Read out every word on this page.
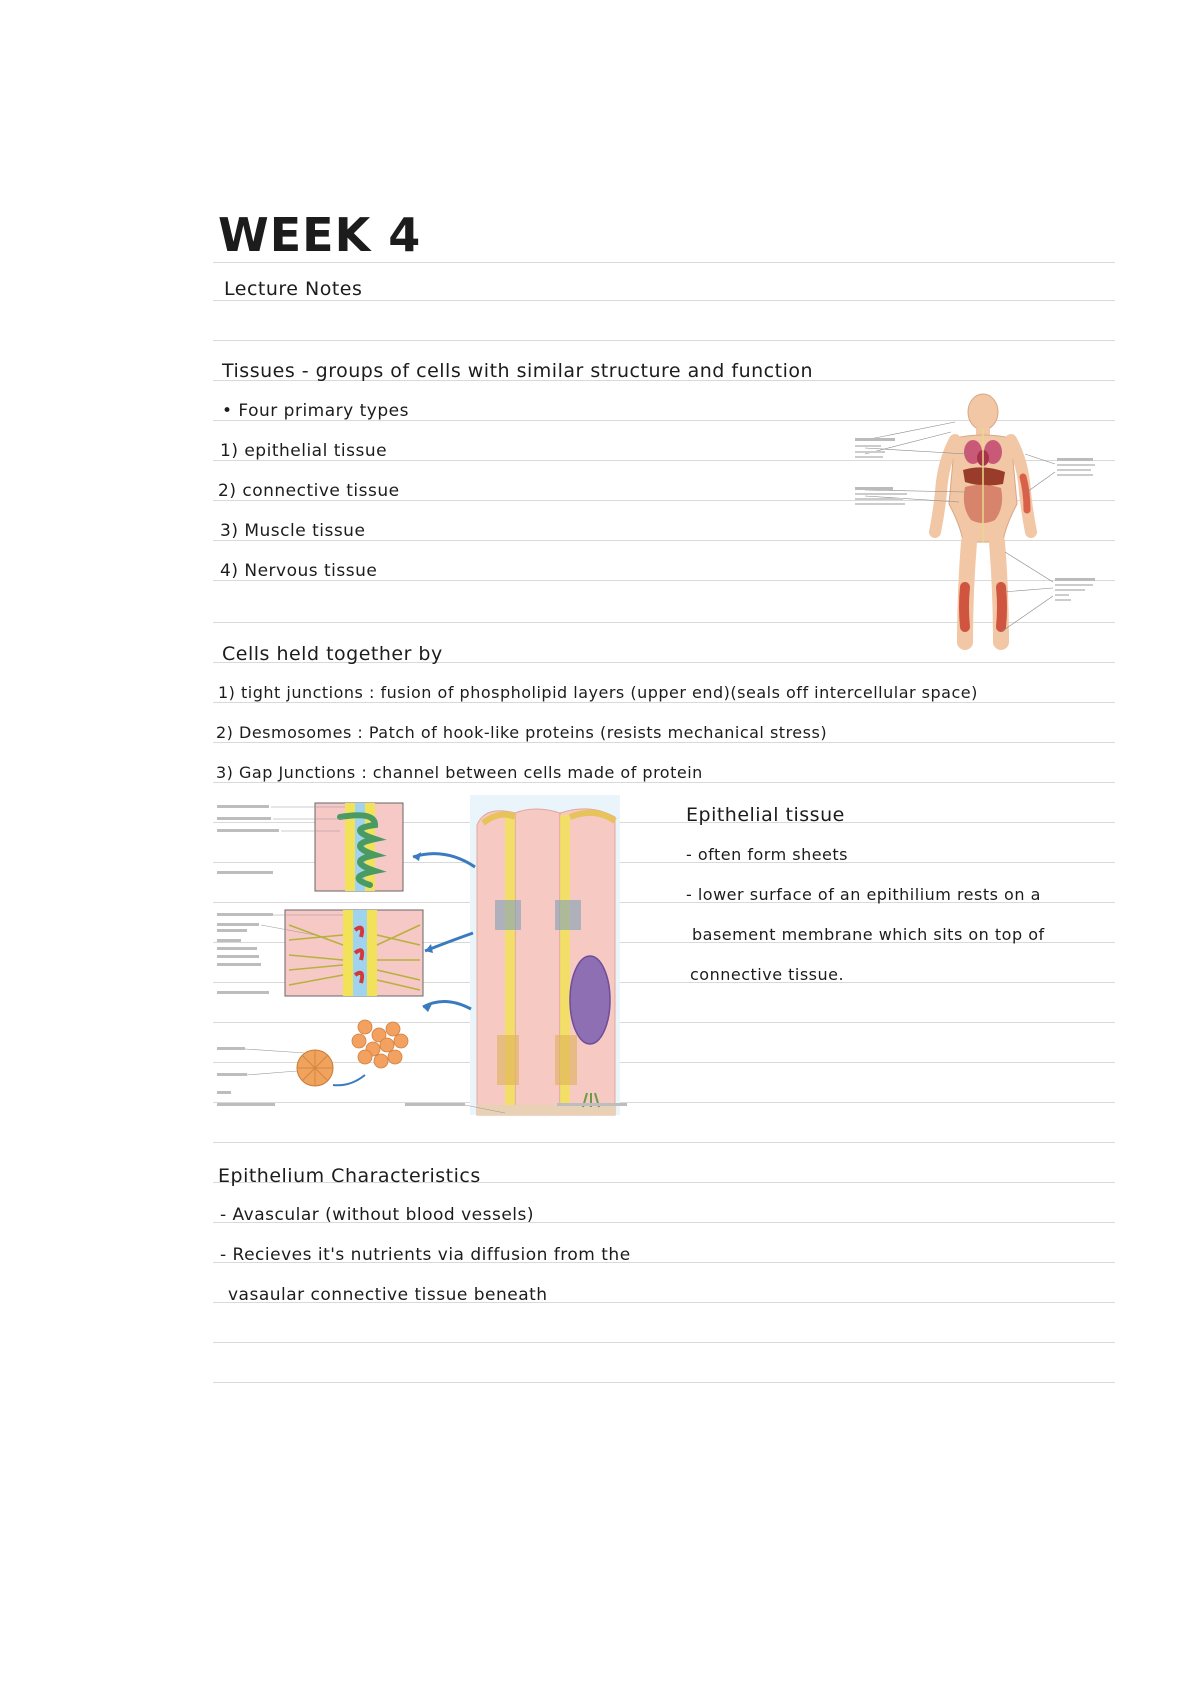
WEEK 4
Lecture Notes
Tissues - groups of cells with similar structure and function
• Four primary types
1) epithelial tissue
2) connective tissue
3) Muscle tissue
4) Nervous tissue
Cells held together by
1) tight junctions : fusion of phospholipid layers (upper end)(seals off intercellular space)
2) Desmosomes : Patch of hook-like proteins (resists mechanical stress)
3) Gap Junctions : channel between cells made of protein
Epithelial tissue
- often form sheets
- lower surface of an epithilium rests on a
basement membrane which sits on top of
connective tissue.
Epithelium Characteristics
- Avascular (without blood vessels)
- Recieves it's nutrients via diffusion from the
vasaular connective tissue beneath
